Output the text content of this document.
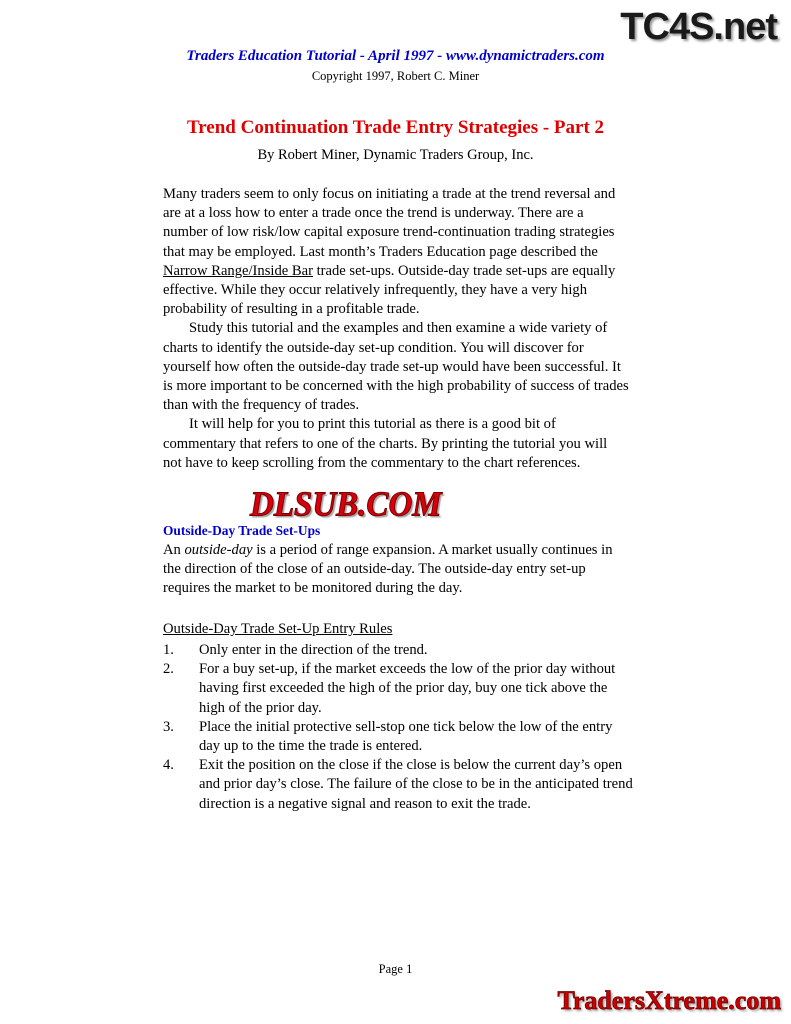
TC4S.net
Traders Education Tutorial - April 1997 - www.dynamictraders.com
Copyright 1997, Robert C. Miner
Trend Continuation Trade Entry Strategies - Part 2
By Robert Miner, Dynamic Traders Group, Inc.

Many traders seem to only focus on initiating a trade at the trend reversal and are at a loss how to enter a trade once the trend is underway. There are a number of low risk/low capital exposure trend-continuation trading strategies that may be employed. Last month’s Traders Education page described the Narrow Range/Inside Bar trade set-ups. Outside-day trade set-ups are equally effective. While they occur relatively infrequently, they have a very high probability of resulting in a profitable trade.

Study this tutorial and the examples and then examine a wide variety of charts to identify the outside-day set-up condition. You will discover for yourself how often the outside-day trade set-up would have been successful. It is more important to be concerned with the high probability of success of trades than with the frequency of trades.

It will help for you to print this tutorial as there is a good bit of commentary that refers to one of the charts. By printing the tutorial you will not have to keep scrolling from the commentary to the chart references.

Outside-Day Trade Set-Ups
An outside-day is a period of range expansion. A market usually continues in the direction of the close of an outside-day. The outside-day entry set-up requires the market to be monitored during the day.
Outside-Day Trade Set-Up Entry Rules
1.	Only enter in the direction of the trend.
2.	For a buy set-up, if the market exceeds the low of the prior day without having first exceeded the high of the prior day, buy one tick above the high of the prior day.
3.	Place the initial protective sell-stop one tick below the low of the entry day up to the time the trade is entered.
4.	Exit the position on the close if the close is below the current day’s open and prior day’s close. The failure of the close to be in the anticipated trend direction is a negative signal and reason to exit the trade.
DLSUB.COM
Page 1
TradersXtreme.com
